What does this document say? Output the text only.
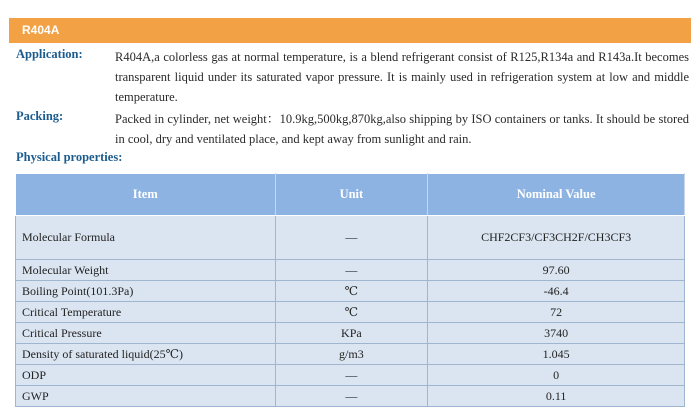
R404A
Application:	R404A,a colorless gas at normal temperature, is a blend refrigerant consist of R125,R134a and R143a.It becomes transparent liquid under its saturated vapor pressure. It is mainly used in refrigeration system at low and middle temperature.
Packing:	Packed in cylinder, net weight：10.9kg,500kg,870kg,also shipping by ISO containers or tanks. It should be stored in cool, dry and ventilated place, and kept away from sunlight and rain.
Physical properties:
Item	Unit	Nominal Value
Molecular Formula	—	CHF2CF3/CF3CH2F/CH3CF3
Molecular Weight	—	97.60
Boiling Point(101.3Pa)	℃	-46.4
Critical Temperature	℃	72
Critical Pressure	KPa	3740
Density of saturated liquid(25℃)	g/m3	1.045
ODP	—	0
GWP	—	0.11
